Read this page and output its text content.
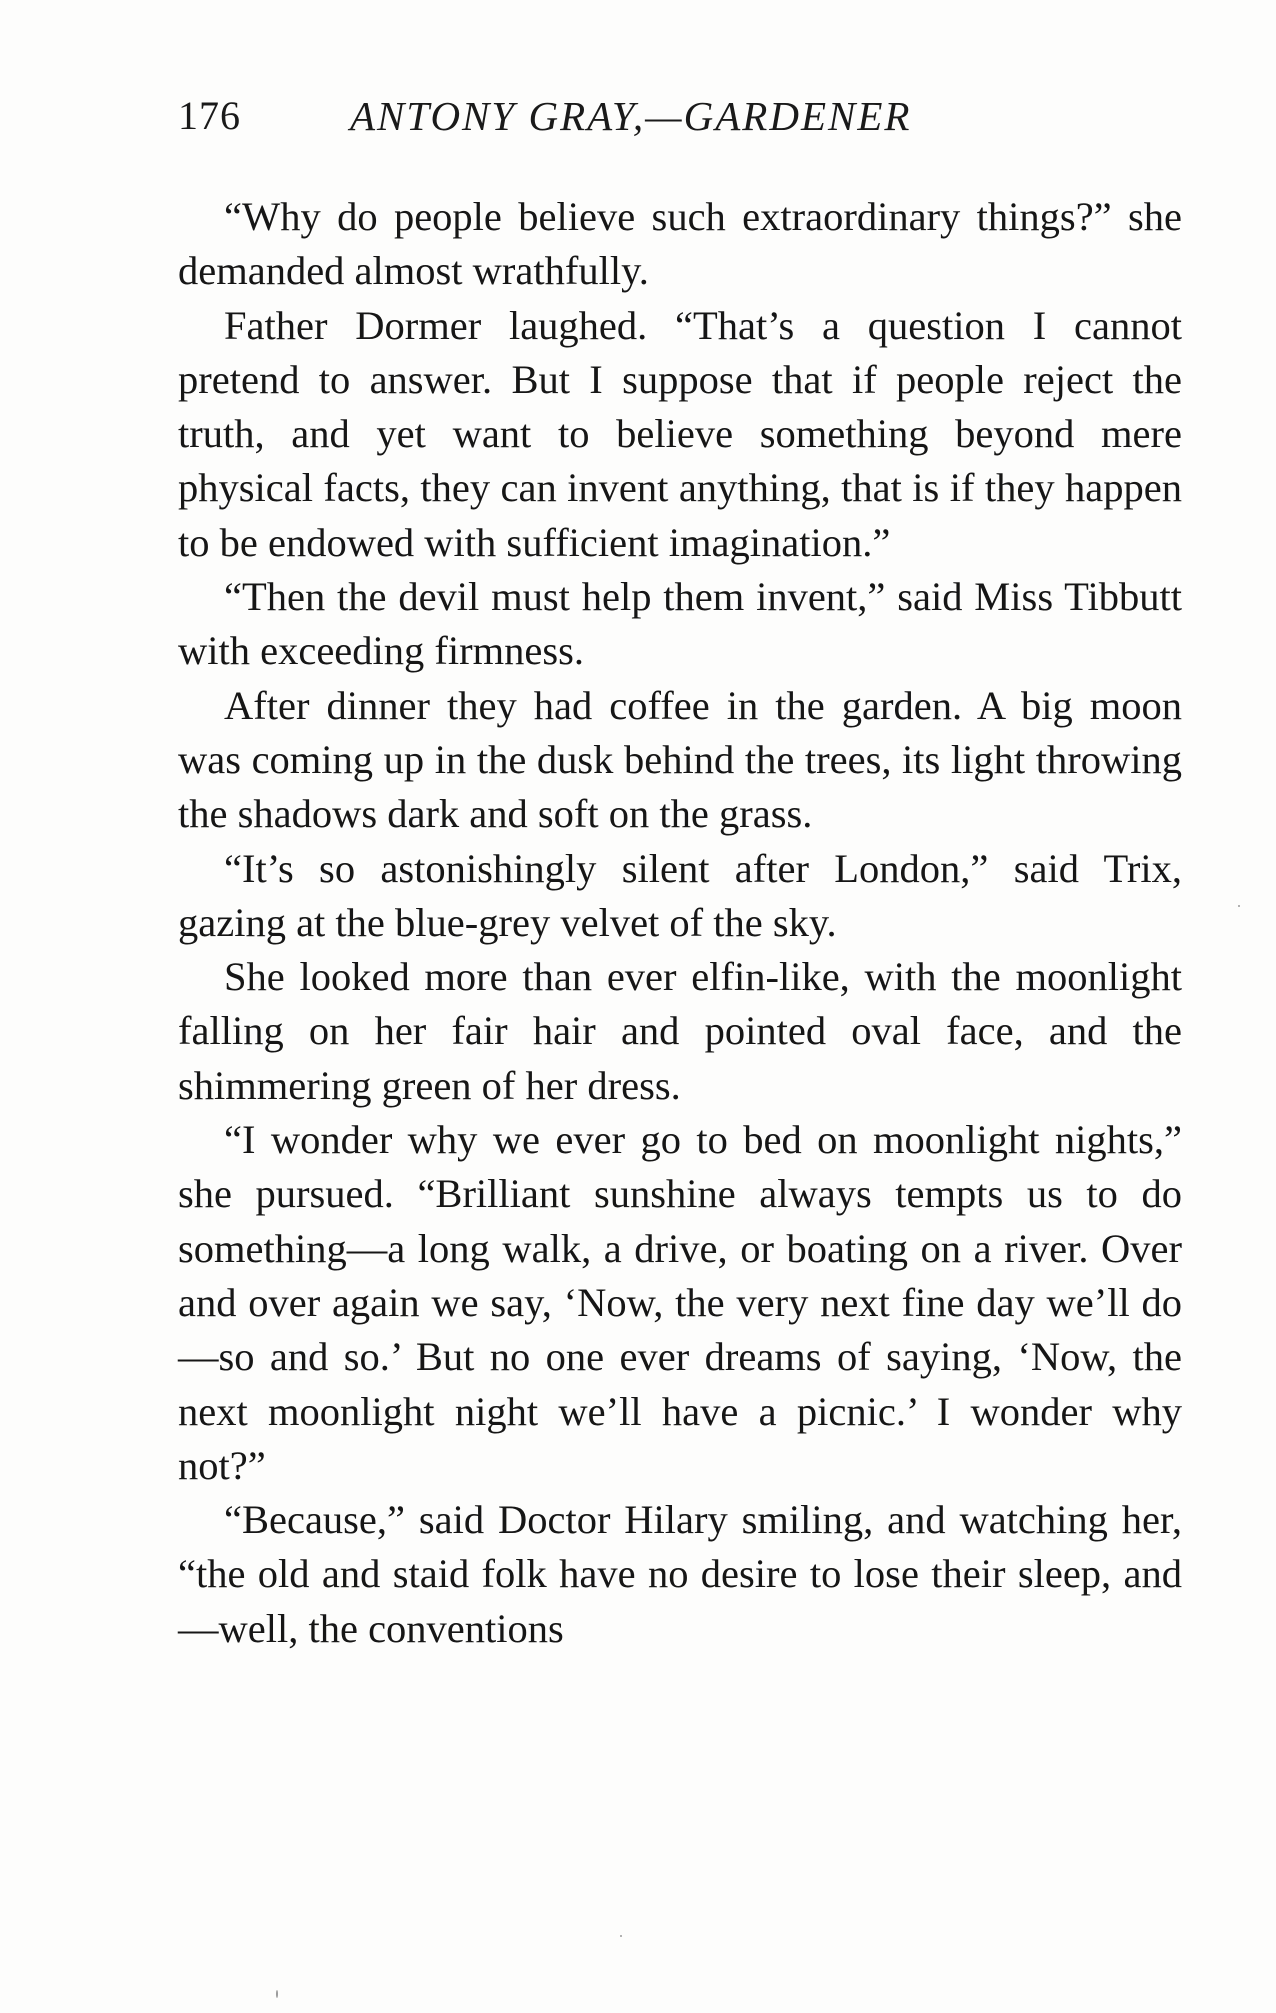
176	ANTONY GRAY,—GARDENER

“Why do people believe such extraordinary things?” she demanded almost wrathfully.

Father Dormer laughed. “That’s a question I cannot pretend to answer. But I suppose that if people reject the truth, and yet want to believe something beyond mere physical facts, they can invent anything, that is if they happen to be endowed with sufficient imagination.”

“Then the devil must help them invent,” said Miss Tibbutt with exceeding firmness.

After dinner they had coffee in the garden. A big moon was coming up in the dusk behind the trees, its light throwing the shadows dark and soft on the grass.

“It’s so astonishingly silent after London,” said Trix, gazing at the blue-grey velvet of the sky.

She looked more than ever elfin-like, with the moonlight falling on her fair hair and pointed oval face, and the shimmering green of her dress.

“I wonder why we ever go to bed on moonlight nights,” she pursued. “Brilliant sunshine always tempts us to do something—a long walk, a drive, or boating on a river. Over and over again we say, ‘Now, the very next fine day we’ll do—so and so.’ But no one ever dreams of saying, ‘Now, the next moonlight night we’ll have a picnic.’ I wonder why not?”

“Because,” said Doctor Hilary smiling, and watching her, “the old and staid folk have no desire to lose their sleep, and—well, the conventions
